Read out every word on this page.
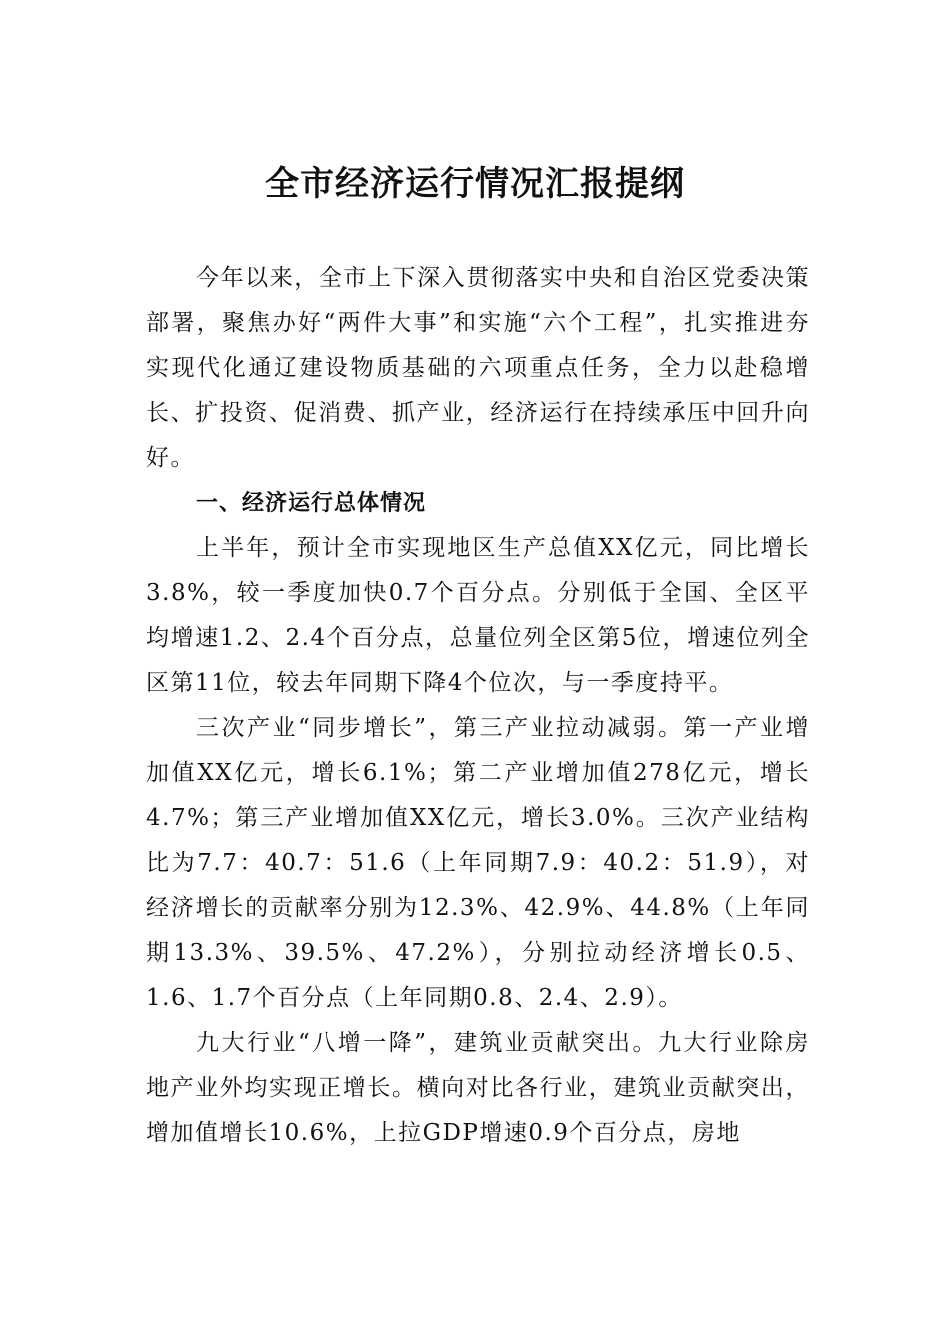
全市经济运行情况汇报提纲

今年以来，全市上下深入贯彻落实中央和自治区党委决策部署，聚焦办好“两件大事”和实施“六个工程”，扎实推进夯实现代化通辽建设物质基础的六项重点任务，全力以赴稳增长、扩投资、促消费、抓产业，经济运行在持续承压中回升向好。

一、经济运行总体情况

上半年，预计全市实现地区生产总值XX亿元，同比增长3.8%，较一季度加快0.7个百分点。分别低于全国、全区平均增速1.2、2.4个百分点，总量位列全区第5位，增速位列全区第11位，较去年同期下降4个位次，与一季度持平。

三次产业“同步增长”，第三产业拉动减弱。第一产业增加值XX亿元，增长6.1%；第二产业增加值278亿元，增长4.7%；第三产业增加值XX亿元，增长3.0%。三次产业结构比为7.7：40.7：51.6（上年同期7.9：40.2：51.9），对经济增长的贡献率分别为12.3%、42.9%、44.8%（上年同期13.3%、39.5%、47.2%），分别拉动经济增长0.5、1.6、1.7个百分点（上年同期0.8、2.4、2.9）。

九大行业“八增一降”，建筑业贡献突出。九大行业除房地产业外均实现正增长。横向对比各行业，建筑业贡献突出，增加值增长10.6%，上拉GDP增速0.9个百分点，房地
